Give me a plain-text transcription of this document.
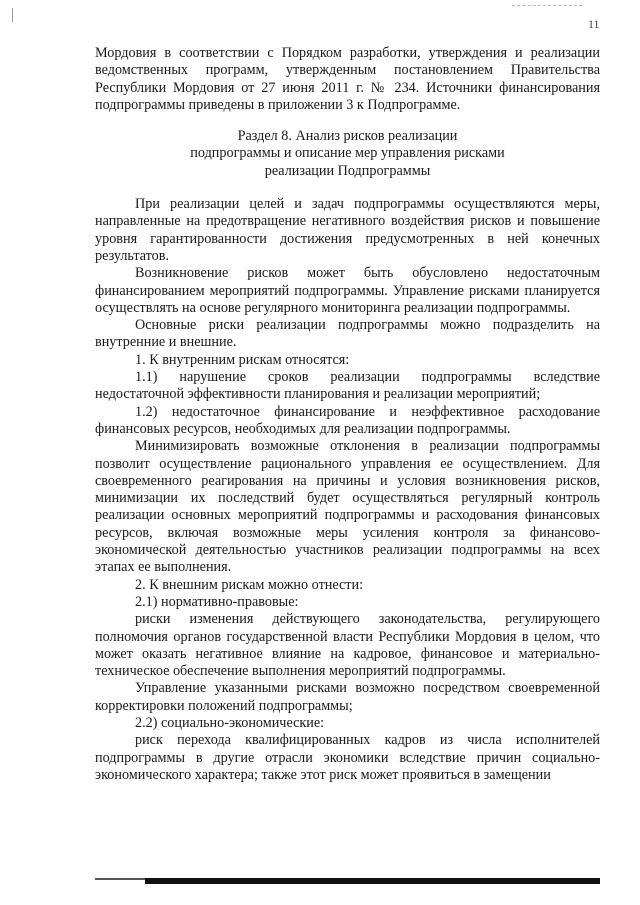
11

Мордовия в соответствии с Порядком разработки, утверждения и реализации ведомственных программ, утвержденным постановлением Правительства Республики Мордовия от 27 июня 2011 г. № 234. Источники финансирования подпрограммы приведены в приложении 3 к Подпрограмме.

Раздел 8. Анализ рисков реализации
подпрограммы и описание мер управления рисками
реализации Подпрограммы

При реализации целей и задач подпрограммы осуществляются меры, направленные на предотвращение негативного воздействия рисков и повышение уровня гарантированности достижения предусмотренных в ней конечных результатов.

Возникновение рисков может быть обусловлено недостаточным финансированием мероприятий подпрограммы. Управление рисками планируется осуществлять на основе регулярного мониторинга реализации подпрограммы.

Основные риски реализации подпрограммы можно подразделить на внутренние и внешние.

1. К внутренним рискам относятся:

1.1) нарушение сроков реализации подпрограммы вследствие недостаточной эффективности планирования и реализации мероприятий;

1.2) недостаточное финансирование и неэффективное расходование финансовых ресурсов, необходимых для реализации подпрограммы.

Минимизировать возможные отклонения в реализации подпрограммы позволит осуществление рационального управления ее осуществлением. Для своевременного реагирования на причины и условия возникновения рисков, минимизации их последствий будет осуществляться регулярный контроль реализации основных мероприятий подпрограммы и расходования финансовых ресурсов, включая возможные меры усиления контроля за финансово-экономической деятельностью участников реализации подпрограммы на всех этапах ее выполнения.

2. К внешним рискам можно отнести:

2.1) нормативно-правовые:

риски изменения действующего законодательства, регулирующего полномочия органов государственной власти Республики Мордовия в целом, что может оказать негативное влияние на кадровое, финансовое и материально-техническое обеспечение выполнения мероприятий подпрограммы.

Управление указанными рисками возможно посредством своевременной корректировки положений подпрограммы;

2.2) социально-экономические:

риск перехода квалифицированных кадров из числа исполнителей подпрограммы в другие отрасли экономики вследствие причин социально-экономического характера; также этот риск может проявиться в замещении
